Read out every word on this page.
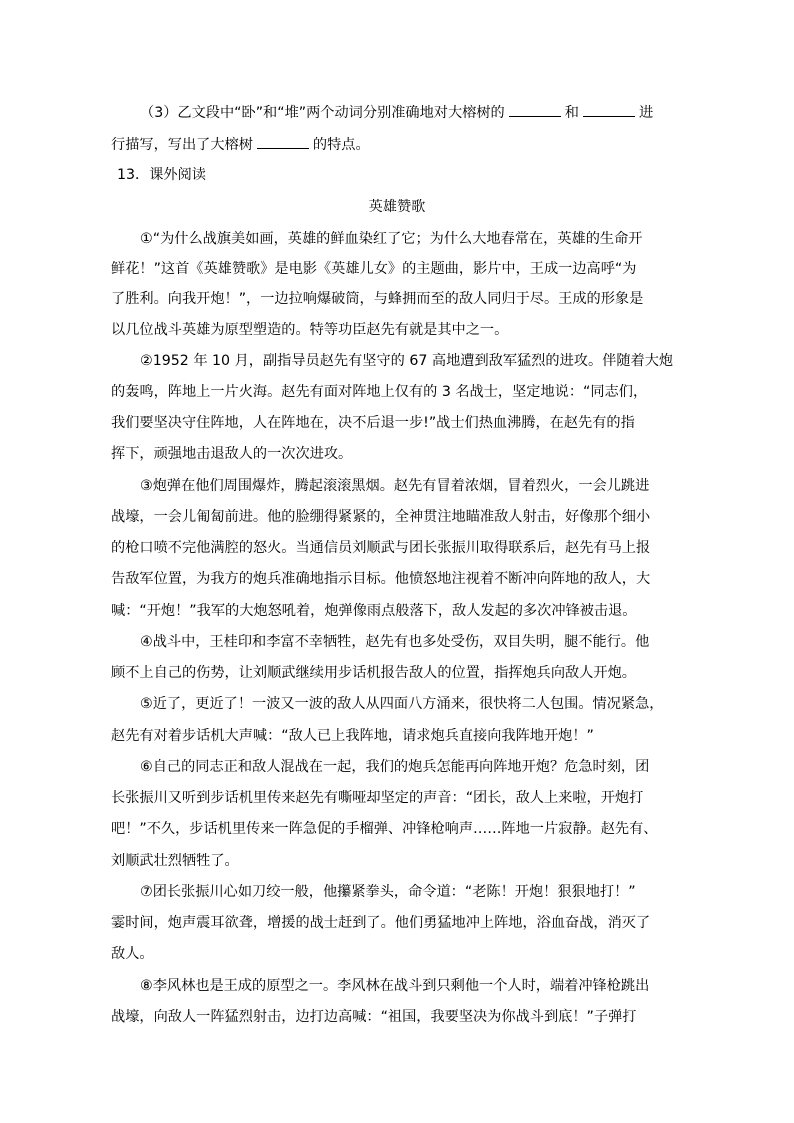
（3）乙文段中“卧”和“堆”两个动词分别准确地对大榕树的	和	进
行描写，写出了大榕树	的特点。
13．课外阅读
英雄赞歌
①“为什么战旗美如画，英雄的鲜血染红了它；为什么大地春常在，英雄的生命开
鲜花！”这首《英雄赞歌》是电影《英雄儿女》的主题曲，影片中，王成一边高呼“为
了胜利。向我开炮！”，一边拉响爆破筒，与蜂拥而至的敌人同归于尽。王成的形象是
以几位战斗英雄为原型塑造的。特等功臣赵先有就是其中之一。
②1952 年 10 月，副指导员赵先有坚守的 67 高地遭到敌军猛烈的进攻。伴随着大炮
的轰鸣，阵地上一片火海。赵先有面对阵地上仅有的 3 名战士，坚定地说：“同志们，
我们要坚决守住阵地，人在阵地在，决不后退一步!”战士们热血沸腾，在赵先有的指
挥下，顽强地击退敌人的一次次进攻。
③炮弹在他们周围爆炸，腾起滚滚黑烟。赵先有冒着浓烟，冒着烈火，一会儿跳进
战壕，一会儿匍匐前进。他的脸绷得紧紧的，全神贯注地瞄准敌人射击，好像那个细小
的枪口喷不完他满腔的怒火。当通信员刘顺武与团长张振川取得联系后，赵先有马上报
告敌军位置，为我方的炮兵准确地指示目标。他愤怒地注视着不断冲向阵地的敌人，大
喊：“开炮！”我军的大炮怒吼着，炮弹像雨点般落下，敌人发起的多次冲锋被击退。
④战斗中，王桂印和李富不幸牺牲，赵先有也多处受伤，双目失明，腿不能行。他
顾不上自己的伤势，让刘顺武继续用步话机报告敌人的位置，指挥炮兵向敌人开炮。
⑤近了，更近了！一波又一波的敌人从四面八方涌来，很快将二人包围。情况紧急，
赵先有对着步话机大声喊：“敌人已上我阵地，请求炮兵直接向我阵地开炮！”
⑥自己的同志正和敌人混战在一起，我们的炮兵怎能再向阵地开炮？危急时刻，团
长张振川又听到步话机里传来赵先有嘶哑却坚定的声音：“团长，敌人上来啦，开炮打
吧！”不久，步话机里传来一阵急促的手榴弹、冲锋枪响声……阵地一片寂静。赵先有、
刘顺武壮烈牺牲了。
⑦团长张振川心如刀绞一般，他攥紧拳头，命令道：“老陈！开炮！狠狠地打！”
霎时间，炮声震耳欲聋，增援的战士赶到了。他们勇猛地冲上阵地，浴血奋战，消灭了
敌人。
⑧李风林也是王成的原型之一。李风林在战斗到只剩他一个人时，端着冲锋枪跳出
战壕，向敌人一阵猛烈射击，边打边高喊：“祖国，我要坚决为你战斗到底！”子弹打
